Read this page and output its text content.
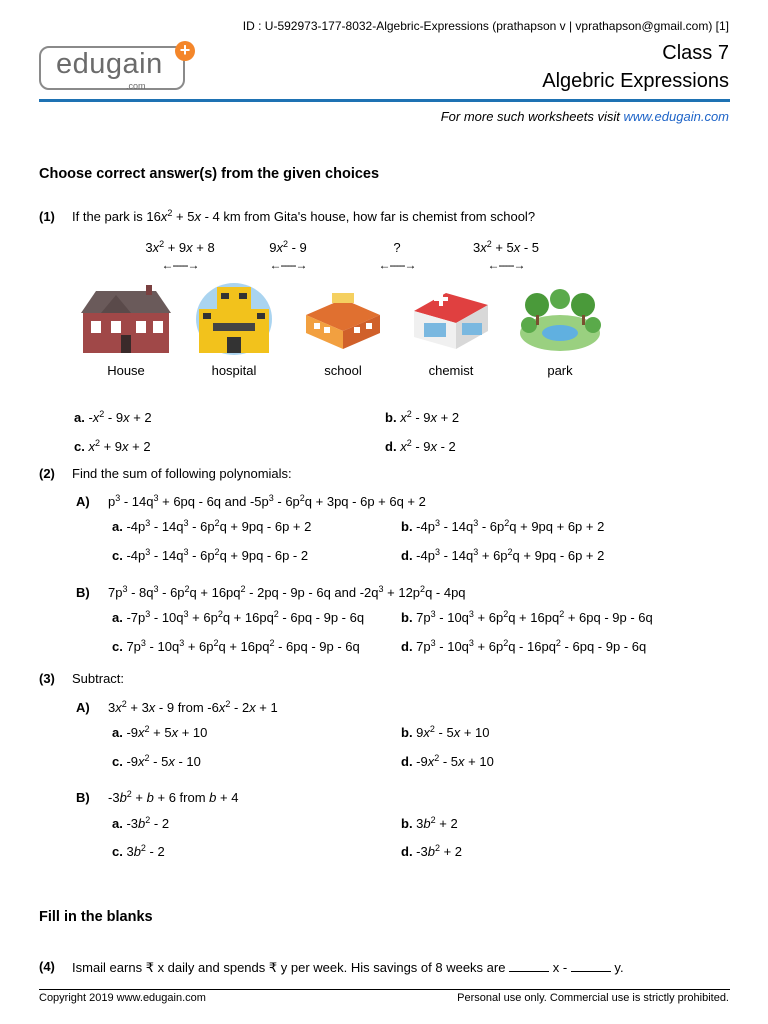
ID : U-592973-177-8032-Algebric-Expressions (prathapson v | vprathapson@gmail.com) [1]
edugain
.com
+	Class 7
Algebric Expressions
For more such worksheets visit www.edugain.com
Choose correct answer(s) from the given choices
(1) If the park is $16x^2 + 5x - 4$ km from Gita's house, how far is chemist from school?
$3x^2 + 9x + 8$	$9x^2 - 9$	?	$3x^2 + 5x - 5$
←-----→	←-----→	←-----→	←-----→
House	hospital	school	chemist	park
a. $-x^2 - 9x + 2$	b. $x^2 - 9x + 2$
c. $x^2 + 9x + 2$	d. $x^2 - 9x - 2$
(2) Find the sum of following polynomials:
A) $p^3 - 14q^3 + 6pq - 6q$ and $-5p^3 - 6p^2q + 3pq - 6p + 6q + 2$
a. $-4p^3 - 14q^3 - 6p^2q + 9pq - 6p + 2$	b. $-4p^3 - 14q^3 - 6p^2q + 9pq + 6p + 2$
c. $-4p^3 - 14q^3 - 6p^2q + 9pq - 6p - 2$	d. $-4p^3 - 14q^3 + 6p^2q + 9pq - 6p + 2$
B) $7p^3 - 8q^3 - 6p^2q + 16pq^2 - 2pq - 9p - 6q$ and $-2q^3 + 12p^2q - 4pq$
a. $-7p^3 - 10q^3 + 6p^2q + 16pq^2 - 6pq - 9p - 6q$	b. $7p^3 - 10q^3 + 6p^2q + 16pq^2 + 6pq - 9p - 6q$
c. $7p^3 - 10q^3 + 6p^2q + 16pq^2 - 6pq - 9p - 6q$	d. $7p^3 - 10q^3 + 6p^2q - 16pq^2 - 6pq - 9p - 6q$
(3) Subtract:
A) $3x^2 + 3x - 9$ from $-6x^2 - 2x + 1$
a. $-9x^2 + 5x + 10$	b. $9x^2 - 5x + 10$
c. $-9x^2 - 5x - 10$	d. $-9x^2 - 5x + 10$
B) $-3b^2 + b + 6$ from b + 4
a. $-3b^2 - 2$	b. $3b^2 + 2$
c. $3b^2 - 2$	d. $-3b^2 + 2$
Fill in the blanks
(4) Ismail earns ₹ x daily and spends ₹ y per week. His savings of 8 weeks are	x -	y.
Copyright 2019 www.edugain.com	Personal use only. Commercial use is strictly prohibited.
